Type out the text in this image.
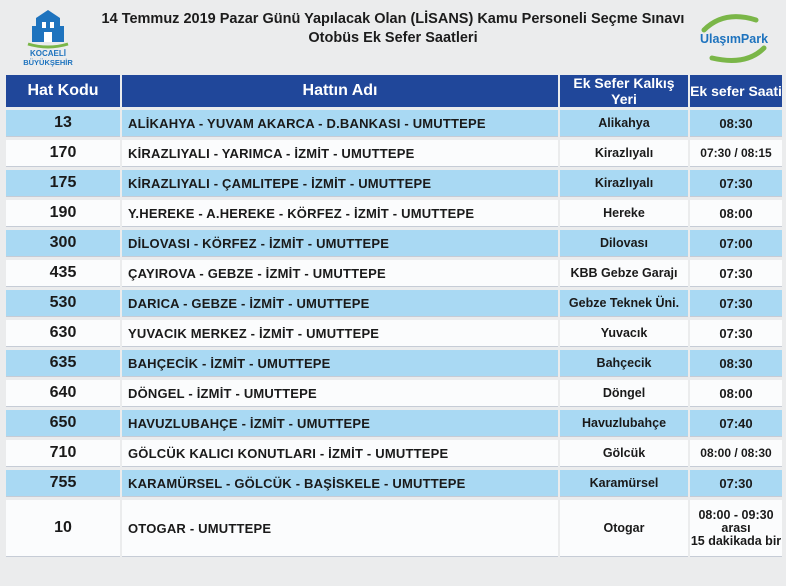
KOCAELİ
BÜYÜKŞEHİR
14 Temmuz 2019 Pazar Günü Yapılacak Olan (LİSANS) Kamu Personeli Seçme Sınavı
Otobüs Ek Sefer Saatleri	UlaşımPark
Hat Kodu	Hattın Adı	Ek Sefer Kalkış Yeri	Ek sefer Saati
13	ALİKAHYA - YUVAM AKARCA - D.BANKASI - UMUTTEPE	Alikahya	08:30
170	KİRAZLIYALI - YARIMCA - İZMİT - UMUTTEPE	Kirazlıyalı	07:30 / 08:15
175	KİRAZLIYALI - ÇAMLITEPE - İZMİT - UMUTTEPE	Kirazlıyalı	07:30
190	Y.HEREKE - A.HEREKE - KÖRFEZ - İZMİT - UMUTTEPE	Hereke	08:00
300	DİLOVASI - KÖRFEZ - İZMİT - UMUTTEPE	Dilovası	07:00
435	ÇAYIROVA - GEBZE - İZMİT - UMUTTEPE	KBB Gebze Garajı	07:30
530	DARICA - GEBZE - İZMİT - UMUTTEPE	Gebze Teknek Üni.	07:30
630	YUVACIK MERKEZ - İZMİT - UMUTTEPE	Yuvacık	07:30
635	BAHÇECİK - İZMİT - UMUTTEPE	Bahçecik	08:30
640	DÖNGEL - İZMİT - UMUTTEPE	Döngel	08:00
650	HAVUZLUBAHÇE - İZMİT - UMUTTEPE	Havuzlubahçe	07:40
710	GÖLCÜK KALICI KONUTLARI - İZMİT - UMUTTEPE	Gölcük	08:00 / 08:30
755	KARAMÜRSEL - GÖLCÜK - BAŞİSKELE - UMUTTEPE	Karamürsel	07:30
10	OTOGAR - UMUTTEPE	Otogar	08:00 - 09:30
arası
15 dakikada bir
